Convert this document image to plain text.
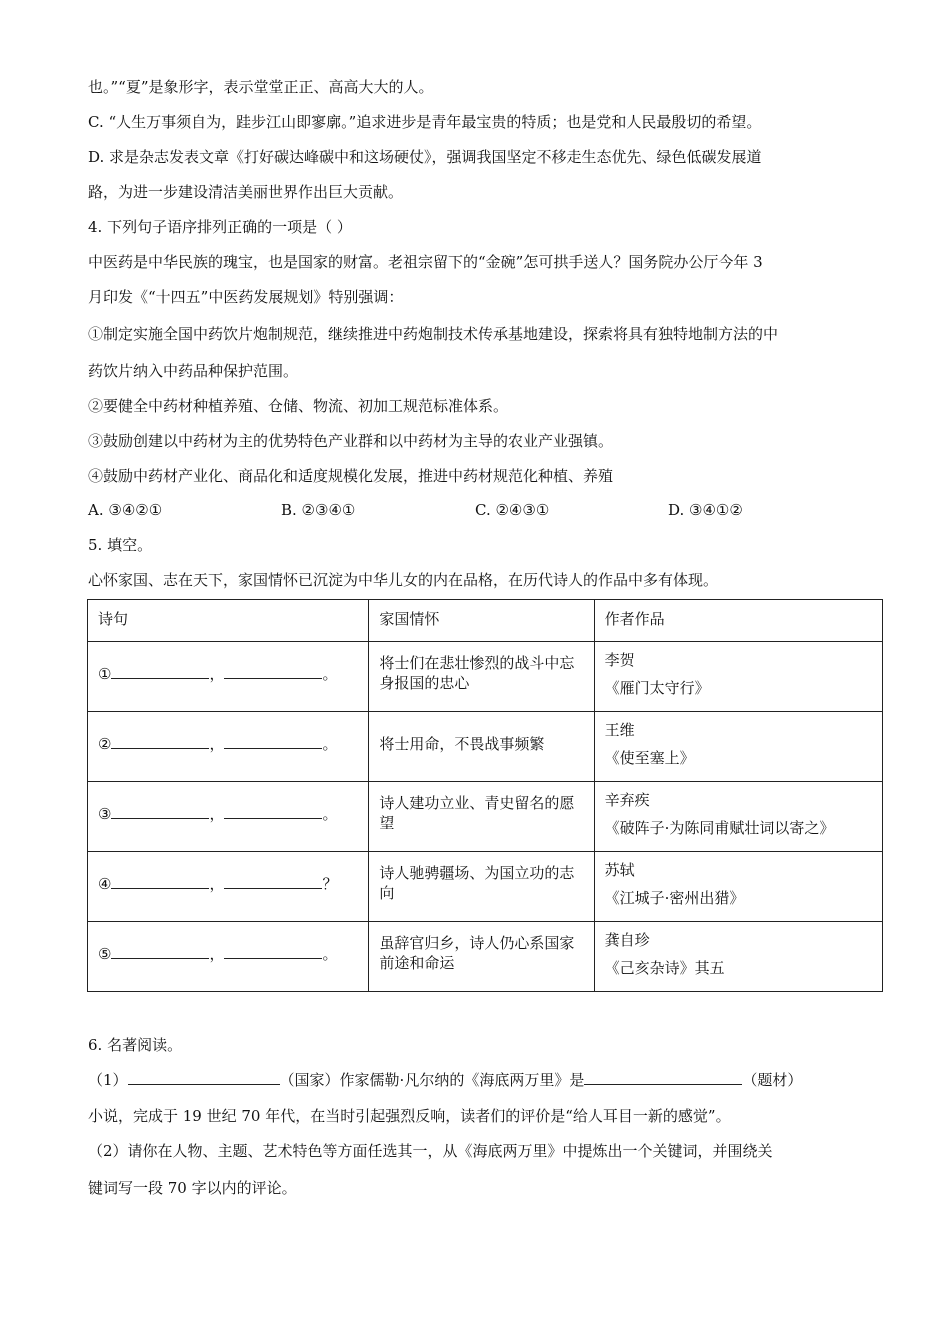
也。”“夏”是象形字，表示堂堂正正、高高大大的人。
C. “人生万事须自为，跬步江山即寥廓。”追求进步是青年最宝贵的特质；也是党和人民最殷切的希望。
D. 求是杂志发表文章《打好碳达峰碳中和这场硬仗》，强调我国坚定不移走生态优先、绿色低碳发展道
路，为进一步建设清洁美丽世界作出巨大贡献。
4. 下列句子语序排列正确的一项是（ ）
中医药是中华民族的瑰宝，也是国家的财富。老祖宗留下的“金碗”怎可拱手送人？国务院办公厅今年 3
月印发《“十四五”中医药发展规划》特别强调：
①制定实施全国中药饮片炮制规范，继续推进中药炮制技术传承基地建设，探索将具有独特地制方法的中
药饮片纳入中药品种保护范围。
②要健全中药材种植养殖、仓储、物流、初加工规范标准体系。
③鼓励创建以中药材为主的优势特色产业群和以中药材为主导的农业产业强镇。
④鼓励中药材产业化、商品化和适度规模化发展，推进中药材规范化种植、养殖
A. ③④②①	B. ②③④①	C. ②④③①	D. ③④①②
5. 填空。
心怀家国、志在天下，家国情怀已沉淀为中华儿女的内在品格，在历代诗人的作品中多有体现。
诗句	家国情怀	作者作品

① ， 。	将士们在悲壮惨烈的战斗中忘身报国的忠心	李贺
《雁门太守行》

② ， 。	将士用命，不畏战事频繁	王维
《使至塞上》

③ ， 。	诗人建功立业、青史留名的愿望	辛弃疾
《破阵子·为陈同甫赋壮词以寄之》

④ ， ？	诗人驰骋疆场、为国立功的志向	苏轼
《江城子·密州出猎》

⑤ ， 。	虽辞官归乡，诗人仍心系国家前途和命运	龚自珍
《己亥杂诗》其五
6. 名著阅读。
（1）	（国家）作家儒勒·凡尔纳的《海底两万里》是	（题材）
小说，完成于 19 世纪 70 年代，在当时引起强烈反响，读者们的评价是“给人耳目一新的感觉”。
（2）请你在人物、主题、艺术特色等方面任选其一，从《海底两万里》中提炼出一个关键词，并围绕关
键词写一段 70 字以内的评论。
